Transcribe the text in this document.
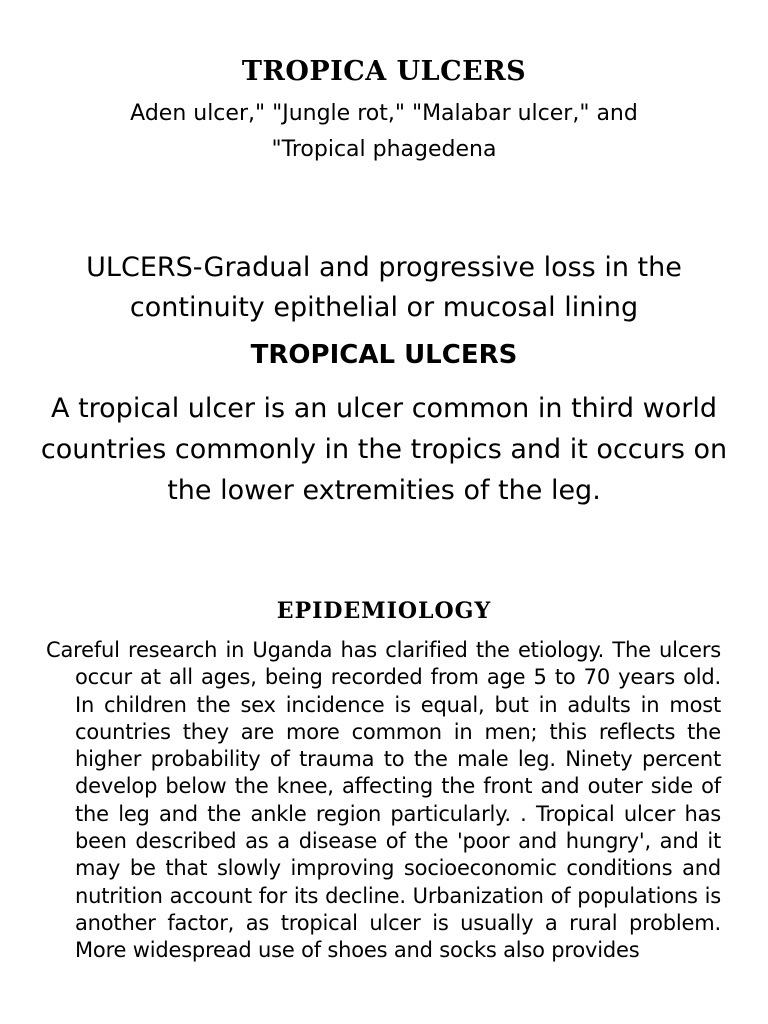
TROPICA ULCERS
Aden ulcer," "Jungle rot," "Malabar ulcer," and "Tropical phagedena
ULCERS-Gradual and progressive loss in the continuity epithelial or mucosal lining
TROPICAL ULCERS
A tropical ulcer is an ulcer common in third world countries commonly in the tropics and it occurs on the lower extremities of the leg.
EPIDEMIOLOGY
Careful research in Uganda has clarified the etiology. The ulcers occur at all ages, being recorded from age 5 to 70 years old. In children the sex incidence is equal, but in adults in most countries they are more common in men; this reflects the higher probability of trauma to the male leg. Ninety percent develop below the knee, affecting the front and outer side of the leg and the ankle region particularly. . Tropical ulcer has been described as a disease of the 'poor and hungry', and it may be that slowly improving socioeconomic conditions and nutrition account for its decline. Urbanization of populations is another factor, as tropical ulcer is usually a rural problem. More widespread use of shoes and socks also provides
